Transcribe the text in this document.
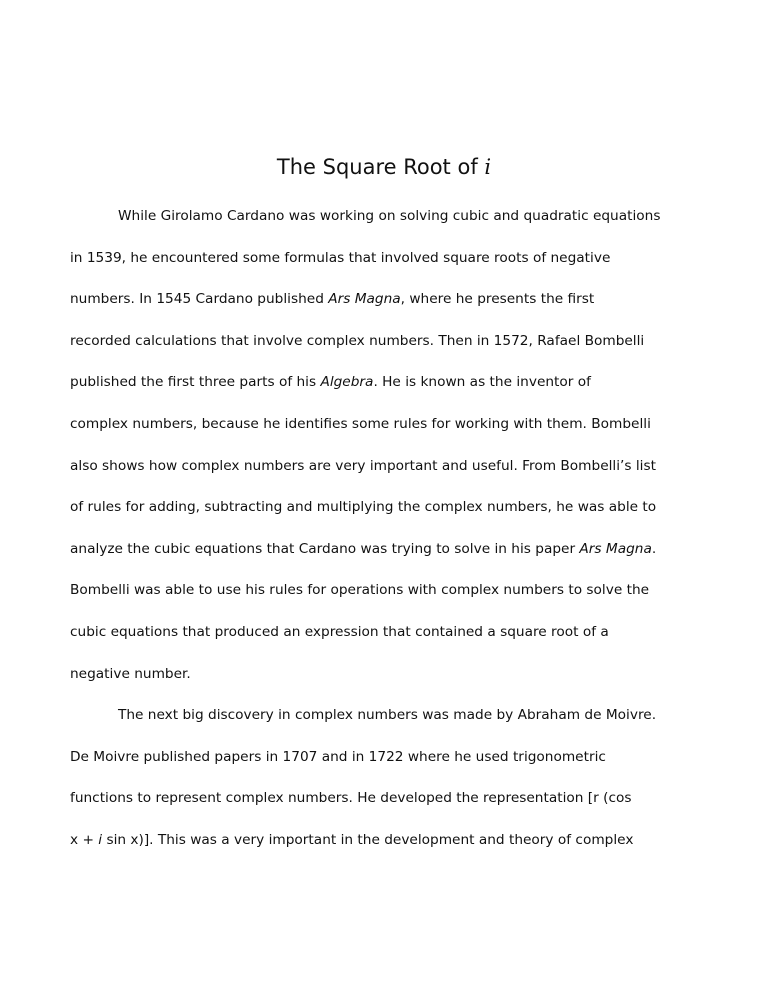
The Square Root of i
While Girolamo Cardano was working on solving cubic and quadratic equations
in 1539, he encountered some formulas that involved square roots of negative
numbers. In 1545 Cardano published Ars Magna, where he presents the first
recorded calculations that involve complex numbers. Then in 1572, Rafael Bombelli
published the first three parts of his Algebra. He is known as the inventor of
complex numbers, because he identifies some rules for working with them. Bombelli
also shows how complex numbers are very important and useful. From Bombelli’s list
of rules for adding, subtracting and multiplying the complex numbers, he was able to
analyze the cubic equations that Cardano was trying to solve in his paper Ars Magna.
Bombelli was able to use his rules for operations with complex numbers to solve the
cubic equations that produced an expression that contained a square root of a
negative number.
The next big discovery in complex numbers was made by Abraham de Moivre.
De Moivre published papers in 1707 and in 1722 where he used trigonometric
functions to represent complex numbers. He developed the representation [r (cos
x + i sin x)]. This was a very important in the development and theory of complex
